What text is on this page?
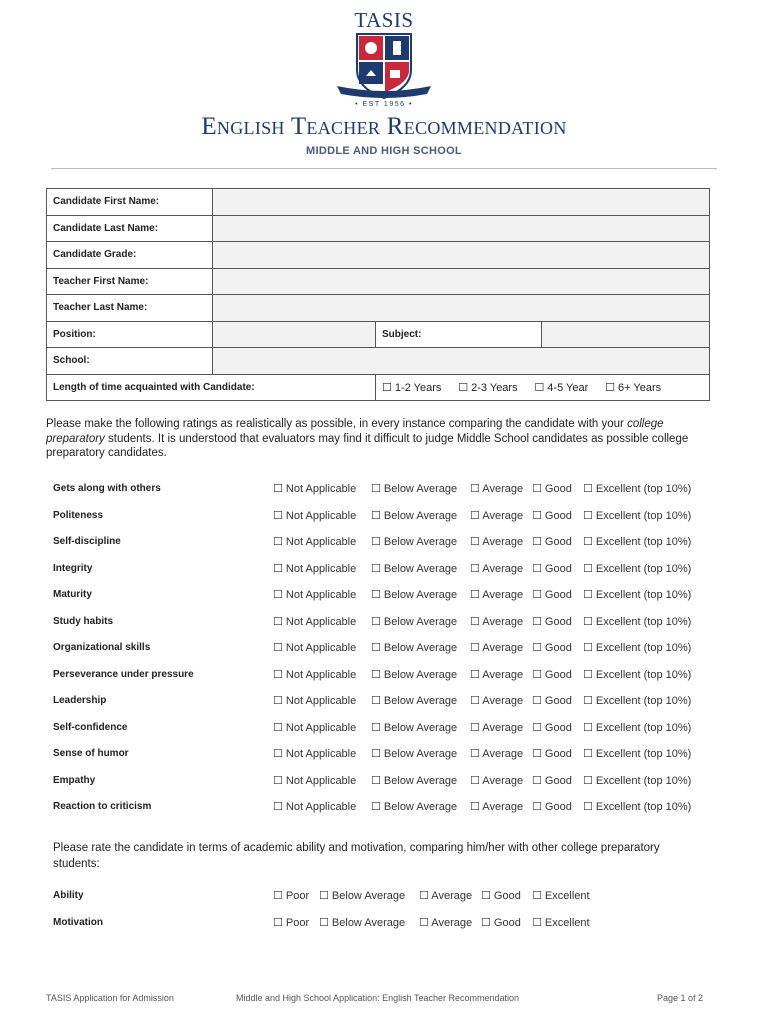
TASIS
• EST 1956 •
English Teacher Recommendation
MIDDLE AND HIGH SCHOOL
Candidate First Name:			
Candidate Last Name:			
Candidate Grade:			
Teacher First Name:			
Teacher Last Name:			
Position:		Subject:	
School:			
Length of time acquainted with Candidate:		☐ 1-2 Years ☐ 2-3 Years ☐ 4-5 Year ☐ 6+ Years	
Please make the following ratings as realistically as possible, in every instance comparing the candidate with your college preparatory students. It is understood that evaluators may find it difficult to judge Middle School candidates as possible college preparatory candidates.
Gets along with others	☐ Not Applicable ☐ Below Average ☐ Average ☐ Good ☐ Excellent (top 10%)
Politeness	☐ Not Applicable ☐ Below Average ☐ Average ☐ Good ☐ Excellent (top 10%)
Self-discipline	☐ Not Applicable ☐ Below Average ☐ Average ☐ Good ☐ Excellent (top 10%)
Integrity	☐ Not Applicable ☐ Below Average ☐ Average ☐ Good ☐ Excellent (top 10%)
Maturity	☐ Not Applicable ☐ Below Average ☐ Average ☐ Good ☐ Excellent (top 10%)
Study habits	☐ Not Applicable ☐ Below Average ☐ Average ☐ Good ☐ Excellent (top 10%)
Organizational skills	☐ Not Applicable ☐ Below Average ☐ Average ☐ Good ☐ Excellent (top 10%)
Perseverance under pressure	☐ Not Applicable ☐ Below Average ☐ Average ☐ Good ☐ Excellent (top 10%)
Leadership	☐ Not Applicable ☐ Below Average ☐ Average ☐ Good ☐ Excellent (top 10%)
Self-confidence	☐ Not Applicable ☐ Below Average ☐ Average ☐ Good ☐ Excellent (top 10%)
Sense of humor	☐ Not Applicable ☐ Below Average ☐ Average ☐ Good ☐ Excellent (top 10%)
Empathy	☐ Not Applicable ☐ Below Average ☐ Average ☐ Good ☐ Excellent (top 10%)
Reaction to criticism	☐ Not Applicable ☐ Below Average ☐ Average ☐ Good ☐ Excellent (top 10%)
Please rate the candidate in terms of academic ability and motivation, comparing him/her with other college preparatory students:
Ability	☐ Poor ☐ Below Average ☐ Average ☐ Good ☐ Excellent
Motivation	☐ Poor ☐ Below Average ☐ Average ☐ Good ☐ Excellent
TASIS Application for Admission	Middle and High School Application: English Teacher Recommendation	Page 1 of 2
